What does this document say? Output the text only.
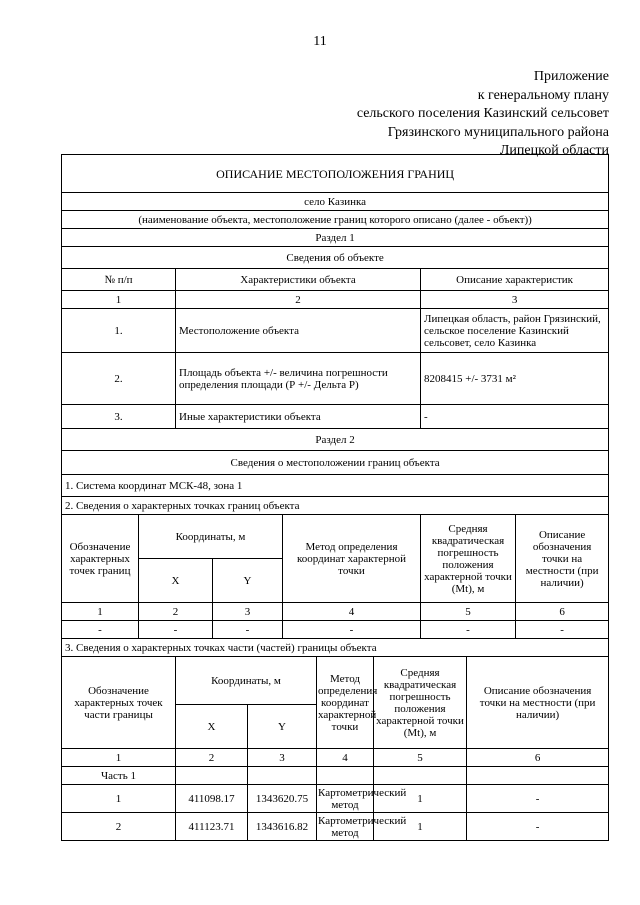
11
Приложение
к генеральному плану
сельского поселения Казинский сельсовет
Грязинского муниципального района
Липецкой области
ОПИСАНИЕ МЕСТОПОЛОЖЕНИЯ ГРАНИЦ										
село Казинка										
(наименование объекта, местоположение границ которого описано (далее - объект))										
Раздел 1										
Сведения об объекте										
№ п/п		Характеристики объекта						Описание характеристик		
1		2						3		
1.		Местоположение объекта						Липецкая область, район Грязинский, сельское поселение Казинский сельсовет, село Казинка		
2.		Площадь объекта +/- величина погрешности определения площади (Р +/- Дельта Р)						8208415 +/- 3731 м²		
3.		Иные характеристики объекта						-		
Раздел 2										
Сведения о местоположении границ объекта										
1. Система координат МСК-48, зона 1										
2. Сведения о характерных точках границ объекта										
Обозначение характерных точек границ	Координаты, м				Метод определения координат характерной точки			Средняя квадратическая погрешность положения характерной точки (Mt), м		Описание обозначения точки на местности (при наличии)
	X		Y							
1	2		3		4			5		6
-	-		-		-			-		-
3. Сведения о характерных точках части (частей) границы объекта										
Обозначение характерных точек части границы		Координаты, м				Метод определения координат характерной точки	Средняя квадратическая погрешность положения характерной точки (Mt), м		Описание обозначения точки на местности (при наличии)	
		X		Y						
1		2		3		4	5		6	
Часть 1										
1		411098.17		1343620.75		Картометрический метод	1		-	
2		411123.71		1343616.82		Картометрический метод	1		-	
